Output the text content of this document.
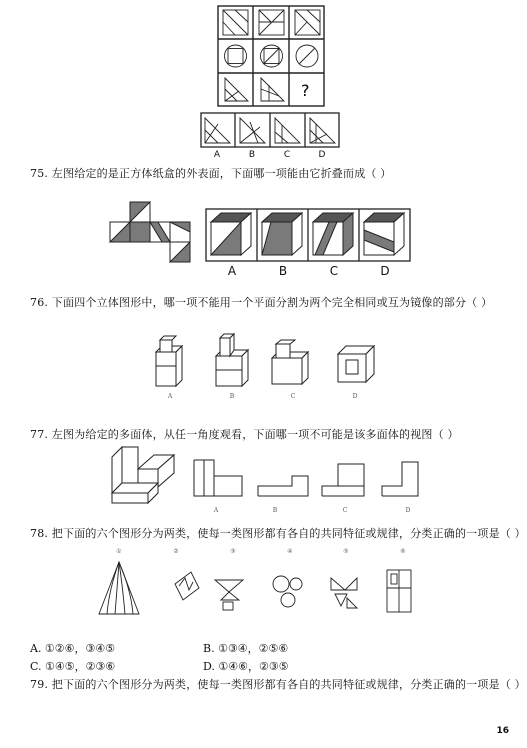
?
A	B	C	D
75. 左图给定的是正方体纸盒的外表面，下面哪一项能由它折叠而成（ ）
A	B	C	D
76. 下面四个立体图形中，哪一项不能用一个平面分割为两个完全相同或互为镜像的部分（ ）
A	B	C	D
77. 左图为给定的多面体，从任一角度观看，下面哪一项不可能是该多面体的视图（ ）
A	B	C	D
78. 把下面的六个图形分为两类，使每一类图形都有各自的共同特征或规律，分类正确的一项是（ ）
①	②	③	④	⑤	⑥
A. ①②⑥，③④⑤	B. ①③④，②⑤⑥
C. ①④⑤，②③⑥	D. ①④⑥，②③⑤
79. 把下面的六个图形分为两类，使每一类图形都有各自的共同特征或规律，分类正确的一项是（ ）
16
